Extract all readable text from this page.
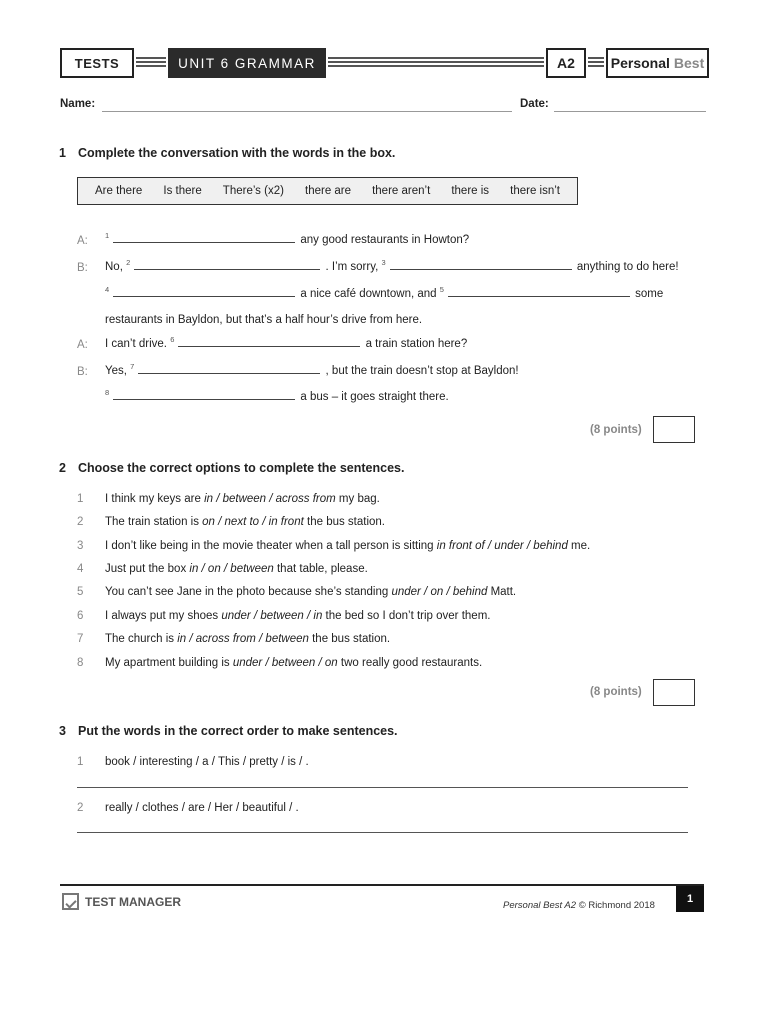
TESTS	UNIT 6 GRAMMAR	A2	Personal Best
Name:	Date:
1 Complete the conversation with the words in the box.
Are there Is there There’s (x2) there are there aren’t there is there isn’t
A: $^1$	any good restaurants in Howton?
B: No, $^2$	. I’m sorry, $^3$	anything to do here!
$^4$	a nice café downtown, and $^5$	some
restaurants in Bayldon, but that’s a half hour’s drive from here.
A: I can’t drive. $^6$	a train station here?
B: Yes, $^7$	, but the train doesn’t stop at Bayldon!
$^8$	a bus – it goes straight there.
(8 points)
2 Choose the correct options to complete the sentences.
1 I think my keys are in / between / across from my bag.
2 The train station is on / next to / in front the bus station.
3 I don’t like being in the movie theater when a tall person is sitting in front of / under / behind me.
4 Just put the box in / on / between that table, please.
5 You can’t see Jane in the photo because she’s standing under / on / behind Matt.
6 I always put my shoes under / between / in the bed so I don’t trip over them.
7 The church is in / across from / between the bus station.
8 My apartment building is under / between / on two really good restaurants.
(8 points)
3 Put the words in the correct order to make sentences.
1 book / interesting / a / This / pretty / is / .
2 really / clothes / are / Her / beautiful / .
TEST MANAGER	Personal Best A2 © Richmond 2018
1
